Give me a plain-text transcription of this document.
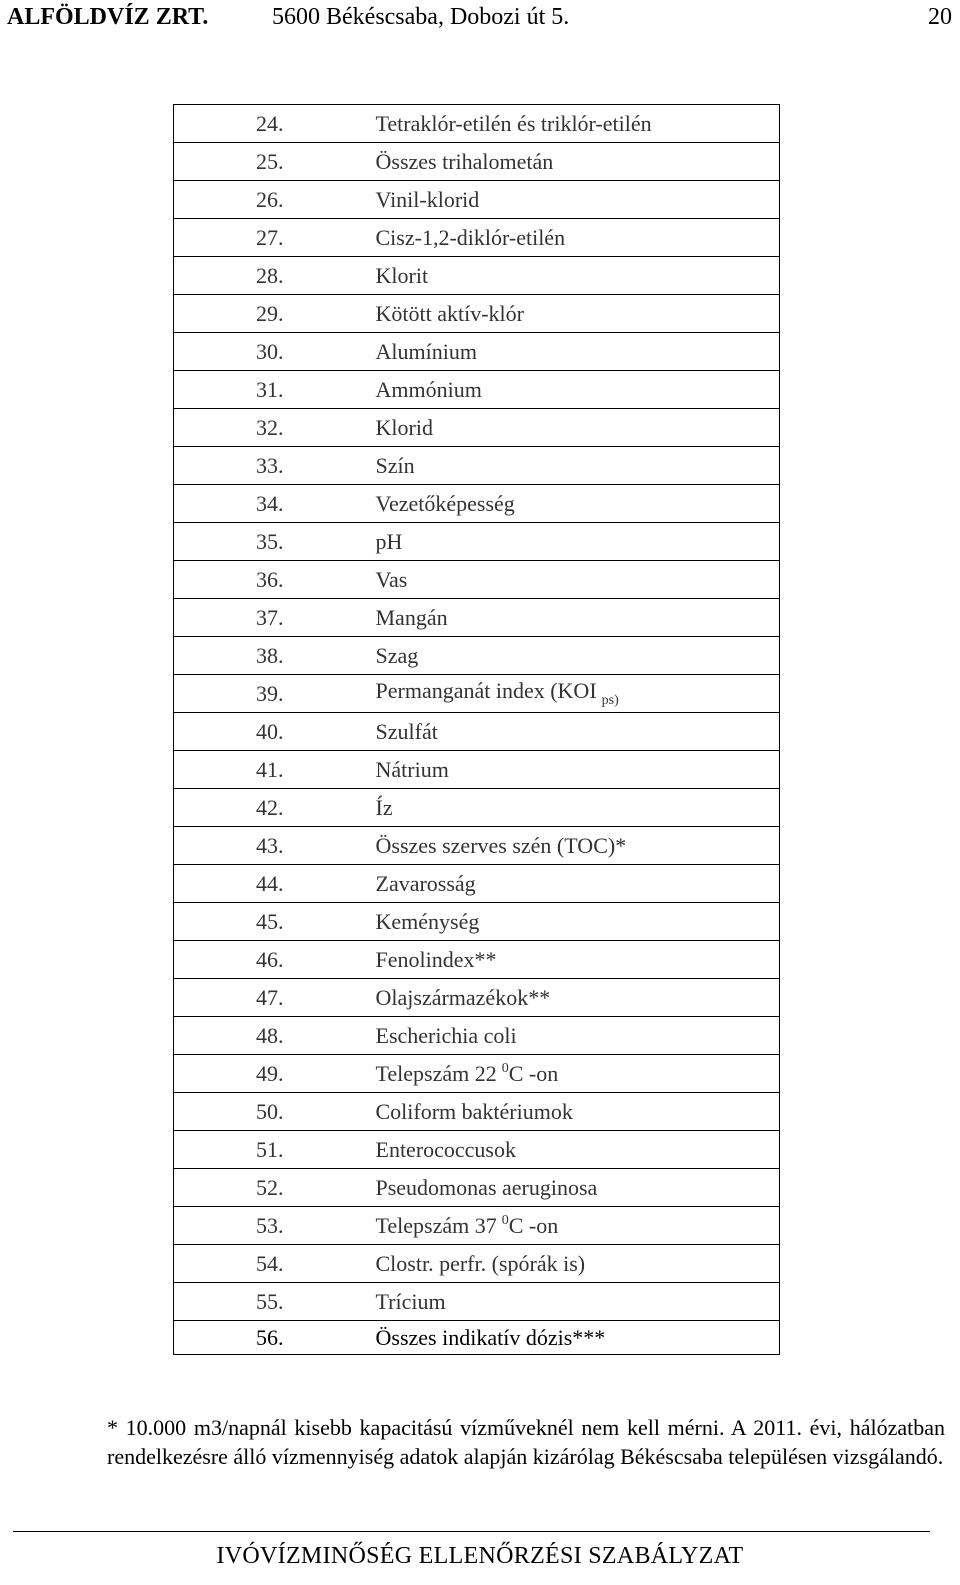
ALFÖLDVÍZ ZRT.	5600 Békéscsaba, Dobozi út 5.	20
24.	Tetraklór-etilén és triklór-etilén
25.	Összes trihalometán
26.	Vinil-klorid
27.	Cisz-1,2-diklór-etilén
28.	Klorit
29.	Kötött aktív-klór
30.	Alumínium
31.	Ammónium
32.	Klorid
33.	Szín
34.	Vezetőképesség
35.	pH
36.	Vas
37.	Mangán
38.	Szag
39.	Permanganát index (KOI $_{ps)}$
40.	Szulfát
41.	Nátrium
42.	Íz
43.	Összes szerves szén (TOC)*
44.	Zavarosság
45.	Keménység
46.	Fenolindex**
47.	Olajszármazékok**
48.	Escherichia coli
49.	Telepszám 22 $^0$C -on
50.	Coliform baktériumok
51.	Enterococcusok
52.	Pseudomonas aeruginosa
53.	Telepszám 37 $^0$C -on
54.	Clostr. perfr. (spórák is)
55.	Trícium
56.	Összes indikatív dózis***
* 10.000 m3/napnál kisebb kapacitású vízműveknél nem kell mérni. A 2011. évi, hálózatban rendelkezésre álló vízmennyiség adatok alapján kizárólag Békéscsaba településen vizsgálandó.
IVÓVÍZMINŐSÉG ELLENŐRZÉSI SZABÁLYZAT
